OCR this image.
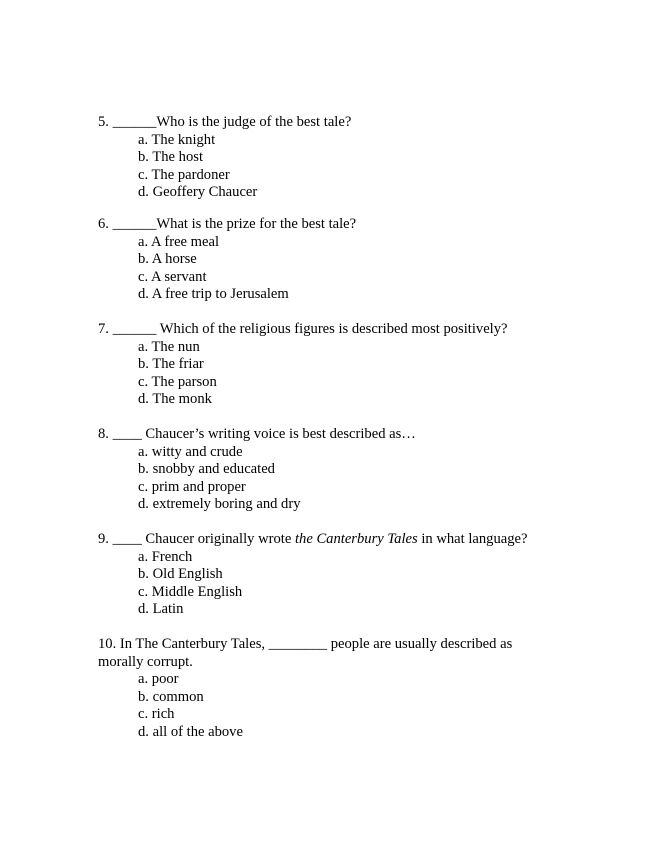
5. ______Who is the judge of the best tale?

a. The knight
b. The host
c. The pardoner
d. Geoffery Chaucer

6. ______What is the prize for the best tale?

a. A free meal
b. A horse
c. A servant
d. A free trip to Jerusalem

7. ______ Which of the religious figures is described most positively?

a. The nun
b. The friar
c. The parson
d. The monk

8. ____ Chaucer’s writing voice is best described as…

a. witty and crude
b. snobby and educated
c. prim and proper
d. extremely boring and dry

9. ____ Chaucer originally wrote the Canterbury Tales in what language?

a. French
b. Old English
c. Middle English
d. Latin

10. In The Canterbury Tales, ________ people are usually described as morally corrupt.

a. poor
b. common
c. rich
d. all of the above
